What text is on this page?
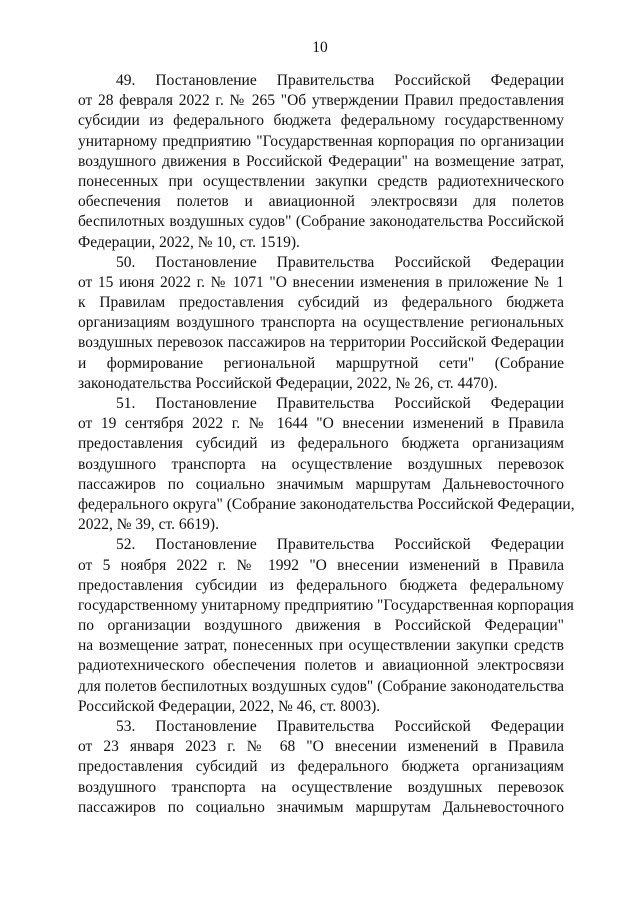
10
49. Постановление Правительства Российской Федерации
от 28 февраля 2022 г. № 265 "Об утверждении Правил предоставления
субсидии из федерального бюджета федеральному государственному
унитарному предприятию "Государственная корпорация по организации
воздушного движения в Российской Федерации" на возмещение затрат,
понесенных при осуществлении закупки средств радиотехнического
обеспечения полетов и авиационной электросвязи для полетов
беспилотных воздушных судов" (Собрание законодательства Российской
Федерации, 2022, № 10, ст. 1519).
50. Постановление Правительства Российской Федерации
от 15 июня 2022 г. № 1071 "О внесении изменения в приложение № 1
к Правилам предоставления субсидий из федерального бюджета
организациям воздушного транспорта на осуществление региональных
воздушных перевозок пассажиров на территории Российской Федерации
и формирование региональной маршрутной сети" (Собрание
законодательства Российской Федерации, 2022, № 26, ст. 4470).
51. Постановление Правительства Российской Федерации
от 19 сентября 2022 г. № 1644 "О внесении изменений в Правила
предоставления субсидий из федерального бюджета организациям
воздушного транспорта на осуществление воздушных перевозок
пассажиров по социально значимым маршрутам Дальневосточного
федерального округа" (Собрание законодательства Российской Федерации,
2022, № 39, ст. 6619).
52. Постановление Правительства Российской Федерации
от 5 ноября 2022 г. № 1992 "О внесении изменений в Правила
предоставления субсидии из федерального бюджета федеральному
государственному унитарному предприятию "Государственная корпорация
по организации воздушного движения в Российской Федерации"
на возмещение затрат, понесенных при осуществлении закупки средств
радиотехнического обеспечения полетов и авиационной электросвязи
для полетов беспилотных воздушных судов" (Собрание законодательства
Российской Федерации, 2022, № 46, ст. 8003).
53. Постановление Правительства Российской Федерации
от 23 января 2023 г. № 68 "О внесении изменений в Правила
предоставления субсидий из федерального бюджета организациям
воздушного транспорта на осуществление воздушных перевозок
пассажиров по социально значимым маршрутам Дальневосточного
